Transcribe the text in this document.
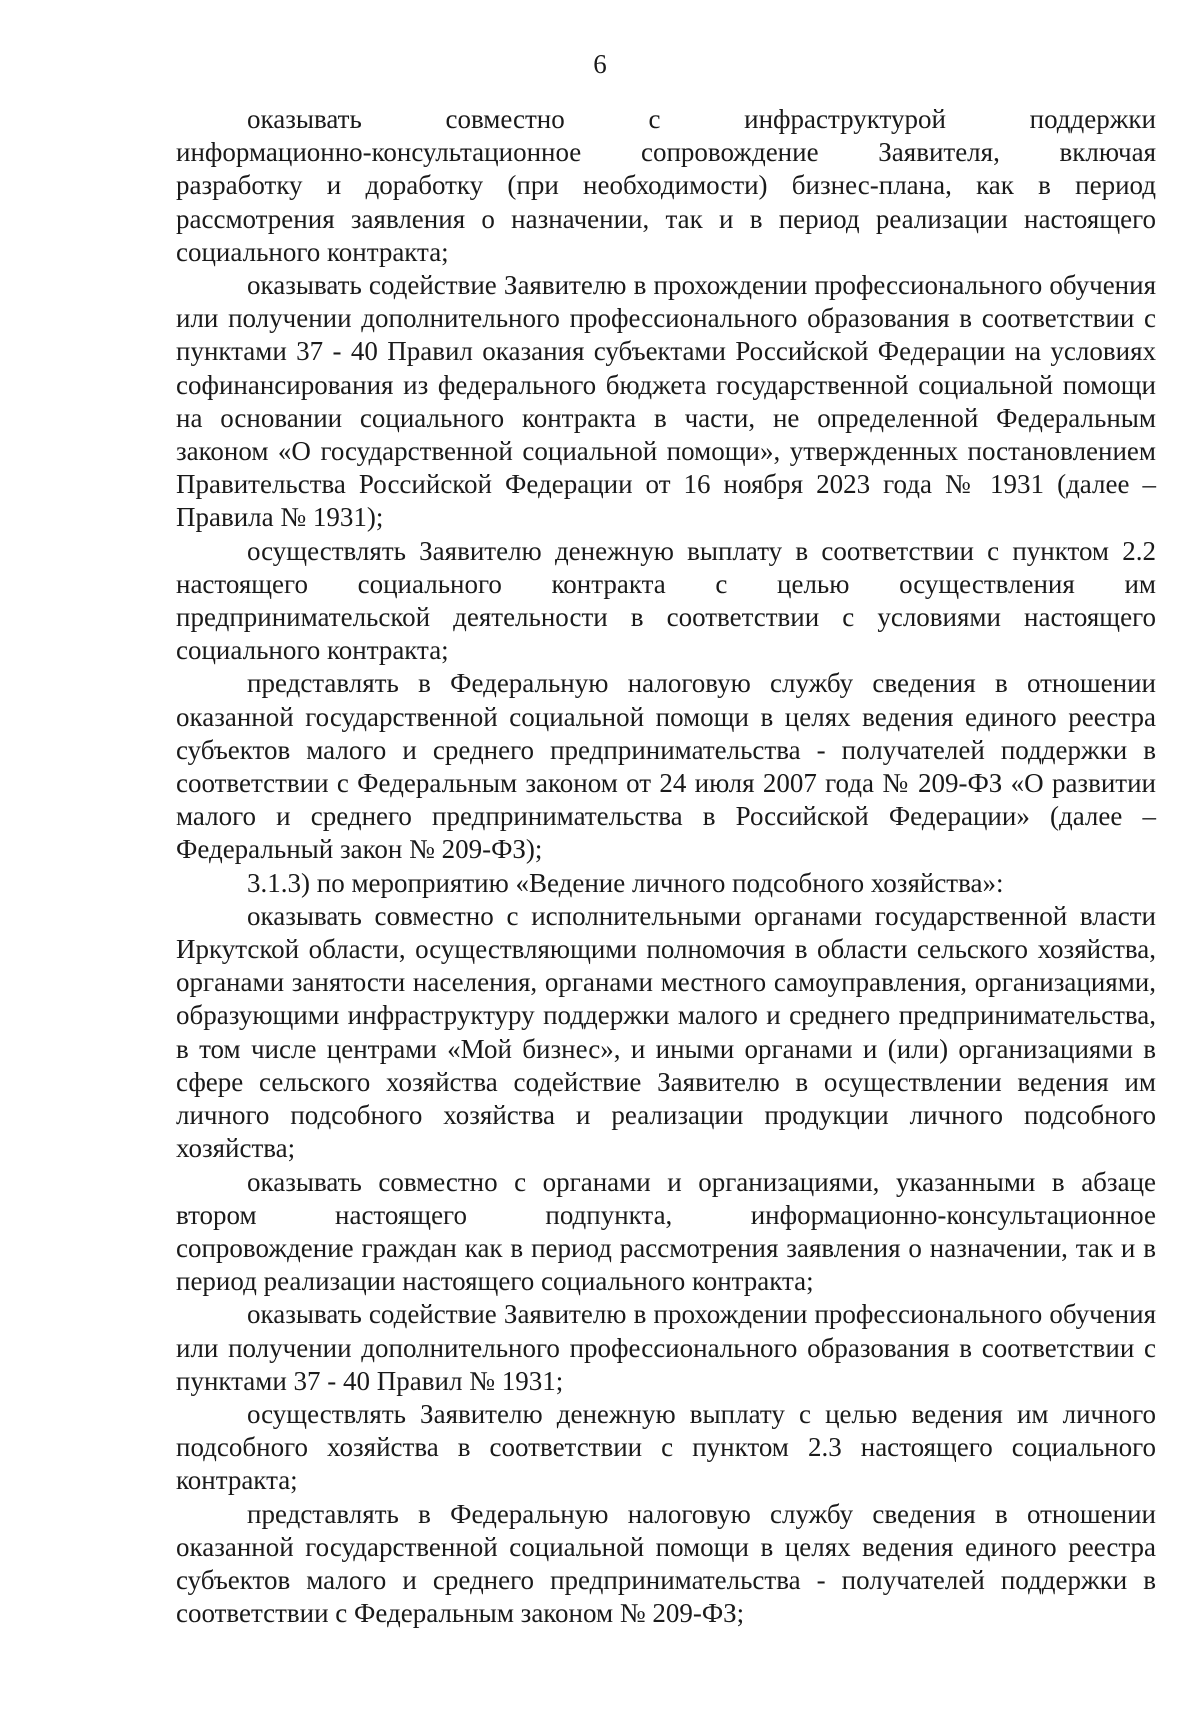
6

оказывать совместно с инфраструктурой поддержки
информационно-консультационное сопровождение Заявителя, включая
разработку и доработку (при необходимости) бизнес-плана, как в период рассмотрения заявления о назначении, так и в период реализации настоящего социального контракта;

оказывать содействие Заявителю в прохождении профессионального обучения или получении дополнительного профессионального образования в соответствии с пунктами 37 - 40 Правил оказания субъектами Российской Федерации на условиях софинансирования из федерального бюджета государственной социальной помощи на основании социального контракта в части, не определенной Федеральным законом «О государственной социальной помощи», утвержденных постановлением Правительства Российской Федерации от 16 ноября 2023 года № 1931 (далее – Правила № 1931);

осуществлять Заявителю денежную выплату в соответствии с пунктом 2.2 настоящего социального контракта с целью осуществления им предпринимательской деятельности в соответствии с условиями настоящего социального контракта;

представлять в Федеральную налоговую службу сведения в отношении оказанной государственной социальной помощи в целях ведения единого реестра субъектов малого и среднего предпринимательства - получателей поддержки в соответствии с Федеральным законом от 24 июля 2007 года № 209-ФЗ «О развитии малого и среднего предпринимательства в Российской Федерации» (далее – Федеральный закон № 209-ФЗ);

3.1.3) по мероприятию «Ведение личного подсобного хозяйства»:

оказывать совместно с исполнительными органами государственной власти Иркутской области, осуществляющими полномочия в области сельского хозяйства, органами занятости населения, органами местного самоуправления, организациями, образующими инфраструктуру поддержки малого и среднего предпринимательства, в том числе центрами «Мой бизнес», и иными органами и (или) организациями в сфере сельского хозяйства содействие Заявителю в осуществлении ведения им личного подсобного хозяйства и реализации продукции личного подсобного хозяйства;

оказывать совместно с органами и организациями, указанными в абзаце
втором настоящего подпункта, информационно-консультационное
сопровождение граждан как в период рассмотрения заявления о назначении, так и в период реализации настоящего социального контракта;

оказывать содействие Заявителю в прохождении профессионального обучения или получении дополнительного профессионального образования в соответствии с пунктами 37 - 40 Правил № 1931;

осуществлять Заявителю денежную выплату с целью ведения им личного подсобного хозяйства в соответствии с пунктом 2.3 настоящего социального контракта;

представлять в Федеральную налоговую службу сведения в отношении оказанной государственной социальной помощи в целях ведения единого реестра субъектов малого и среднего предпринимательства - получателей поддержки в соответствии с Федеральным законом № 209-ФЗ;
